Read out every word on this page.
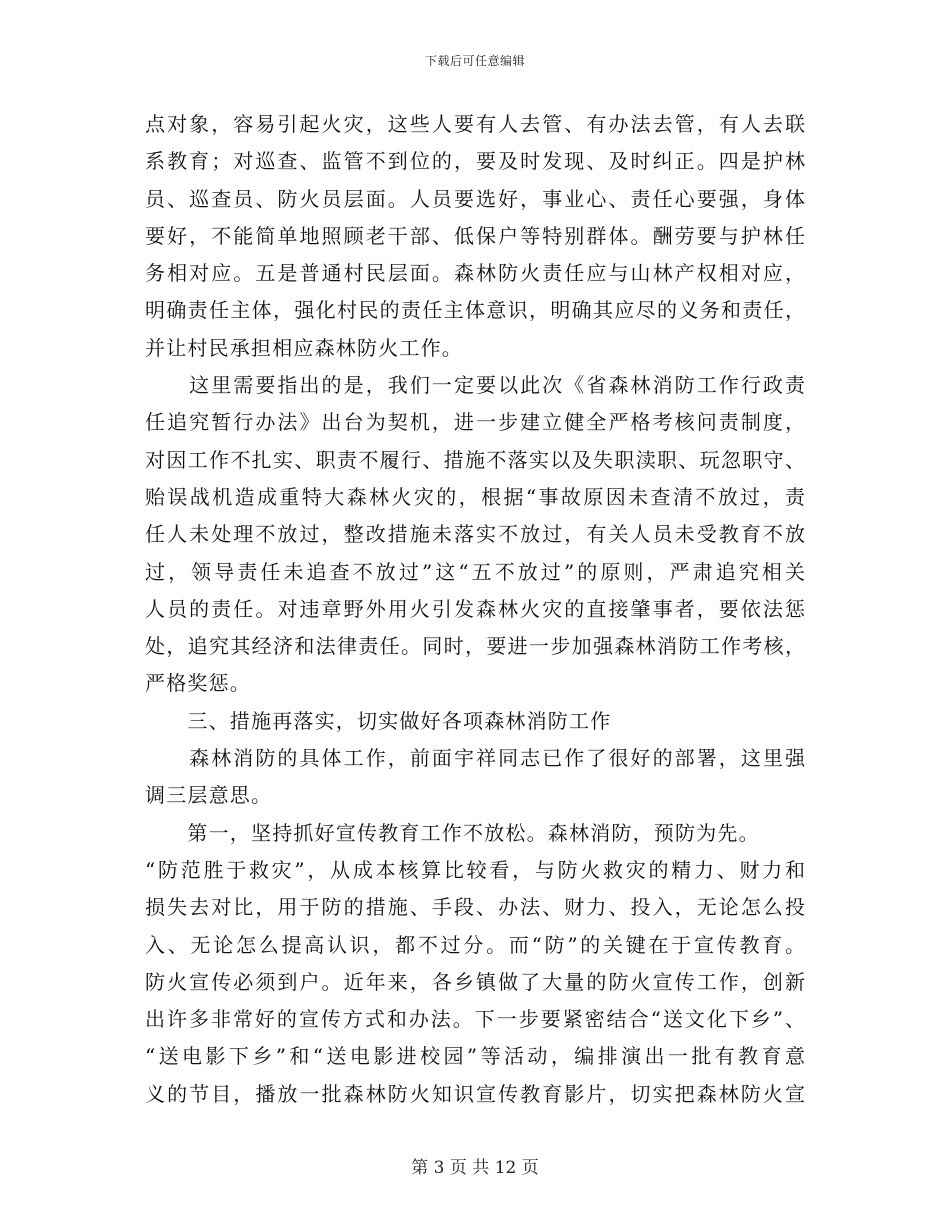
下载后可任意编辑
点对象，容易引起火灾，这些人要有人去管、有办法去管，有人去联
系教育；对巡查、监管不到位的，要及时发现、及时纠正。四是护林
员、巡查员、防火员层面。人员要选好，事业心、责任心要强，身体
要好，不能简单地照顾老干部、低保户等特别群体。酬劳要与护林任
务相对应。五是普通村民层面。森林防火责任应与山林产权相对应，
明确责任主体，强化村民的责任主体意识，明确其应尽的义务和责任，
并让村民承担相应森林防火工作。
　　这里需要指出的是，我们一定要以此次《省森林消防工作行政责
任追究暂行办法》出台为契机，进一步建立健全严格考核问责制度，
对因工作不扎实、职责不履行、措施不落实以及失职渎职、玩忽职守、
贻误战机造成重特大森林火灾的，根据“事故原因未查清不放过，责
任人未处理不放过，整改措施未落实不放过，有关人员未受教育不放
过，领导责任未追查不放过”这“五不放过”的原则，严肃追究相关
人员的责任。对违章野外用火引发森林火灾的直接肇事者，要依法惩
处，追究其经济和法律责任。同时，要进一步加强森林消防工作考核，
严格奖惩。
　　三、措施再落实，切实做好各项森林消防工作
　　森林消防的具体工作，前面宇祥同志已作了很好的部署，这里强
调三层意思。
　　第一，坚持抓好宣传教育工作不放松。森林消防，预防为先。
“防范胜于救灾”，从成本核算比较看，与防火救灾的精力、财力和
损失去对比，用于防的措施、手段、办法、财力、投入，无论怎么投
入、无论怎么提高认识，都不过分。而“防”的关键在于宣传教育。
防火宣传必须到户。近年来，各乡镇做了大量的防火宣传工作，创新
出许多非常好的宣传方式和办法。下一步要紧密结合“送文化下乡”、
“送电影下乡”和“送电影进校园”等活动，编排演出一批有教育意
义的节目，播放一批森林防火知识宣传教育影片，切实把森林防火宣
第 3 页 共 12 页
